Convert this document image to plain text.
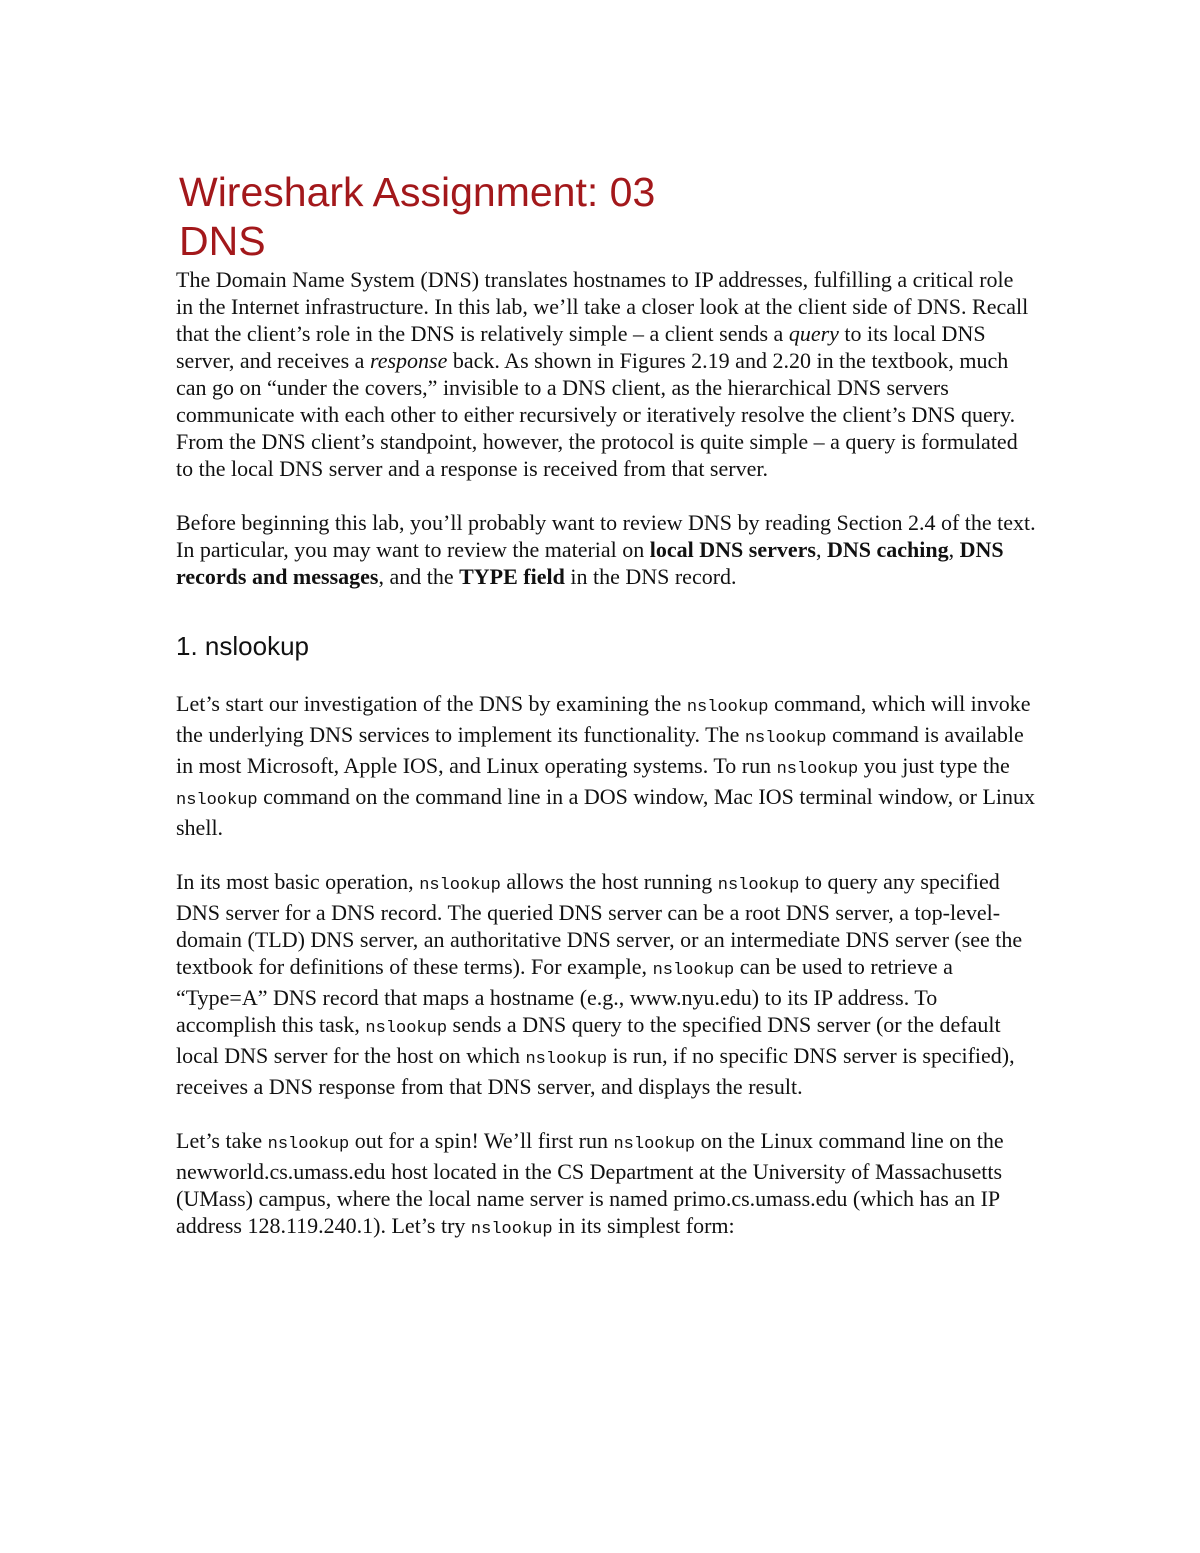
Wireshark Assignment: 03
DNS

The Domain Name System (DNS) translates hostnames to IP addresses, fulfilling a critical role in the Internet infrastructure. In this lab, we’ll take a closer look at the client side of DNS. Recall that the client’s role in the DNS is relatively simple – a client sends a query to its local DNS server, and receives a response back. As shown in Figures 2.19 and 2.20 in the textbook, much can go on “under the covers,” invisible to a DNS client, as the hierarchical DNS servers communicate with each other to either recursively or iteratively resolve the client’s DNS query. From the DNS client’s standpoint, however, the protocol is quite simple – a query is formulated to the local DNS server and a response is received from that server.

Before beginning this lab, you’ll probably want to review DNS by reading Section 2.4 of the text. In particular, you may want to review the material on local DNS servers, DNS caching, DNS records and messages, and the TYPE field in the DNS record.

1. nslookup

Let’s start our investigation of the DNS by examining the nslookup command, which will invoke the underlying DNS services to implement its functionality. The nslookup command is available in most Microsoft, Apple IOS, and Linux operating systems. To run nslookup you just type the nslookup command on the command line in a DOS window, Mac IOS terminal window, or Linux shell.

In its most basic operation, nslookup allows the host running nslookup to query any specified DNS server for a DNS record. The queried DNS server can be a root DNS server, a top-level-domain (TLD) DNS server, an authoritative DNS server, or an intermediate DNS server (see the textbook for definitions of these terms). For example, nslookup can be used to retrieve a “Type=A” DNS record that maps a hostname (e.g., www.nyu.edu) to its IP address. To accomplish this task, nslookup sends a DNS query to the specified DNS server (or the default local DNS server for the host on which nslookup is run, if no specific DNS server is specified), receives a DNS response from that DNS server, and displays the result.

Let’s take nslookup out for a spin! We’ll first run nslookup on the Linux command line on the newworld.cs.umass.edu host located in the CS Department at the University of Massachusetts (UMass) campus, where the local name server is named primo.cs.umass.edu (which has an IP address 128.119.240.1). Let’s try nslookup in its simplest form:
